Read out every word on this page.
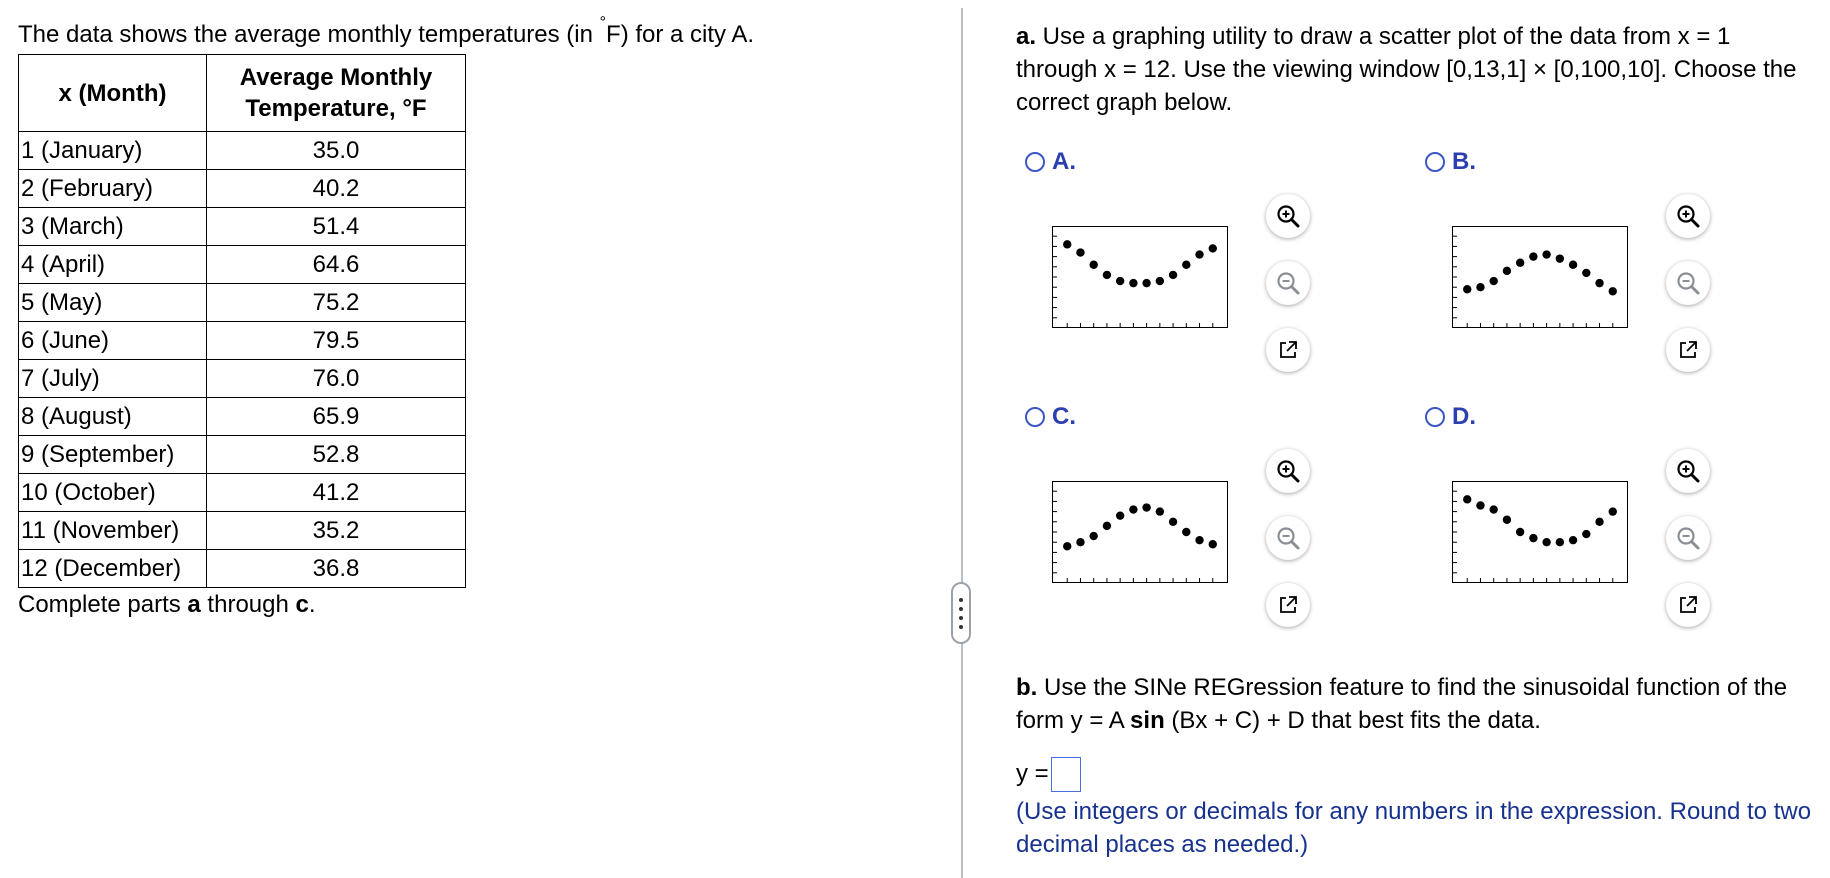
The data shows the average monthly temperatures (in °F) for a city A.
x (Month)	Average Monthly
Temperature, °F

1 (January)	35.0
2 (February)	40.2
3 (March)	51.4
4 (April)	64.6
5 (May)	75.2
6 (June)	79.5
7 (July)	76.0
8 (August)	65.9
9 (September)	52.8
10 (October)	41.2
11 (November)	35.2
12 (December)	36.8
Complete parts a through c.
a. Use a graphing utility to draw a scatter plot of the data from x = 1 through x = 12. Use the viewing window [0,13,1] × [0,100,10]. Choose the correct graph below.
A.	B.
C.	D.
b. Use the SINe REGression feature to find the sinusoidal function of the form y = A sin (Bx + C) + D that best fits the data.
y =
(Use integers or decimals for any numbers in the expression. Round to two decimal places as needed.)
